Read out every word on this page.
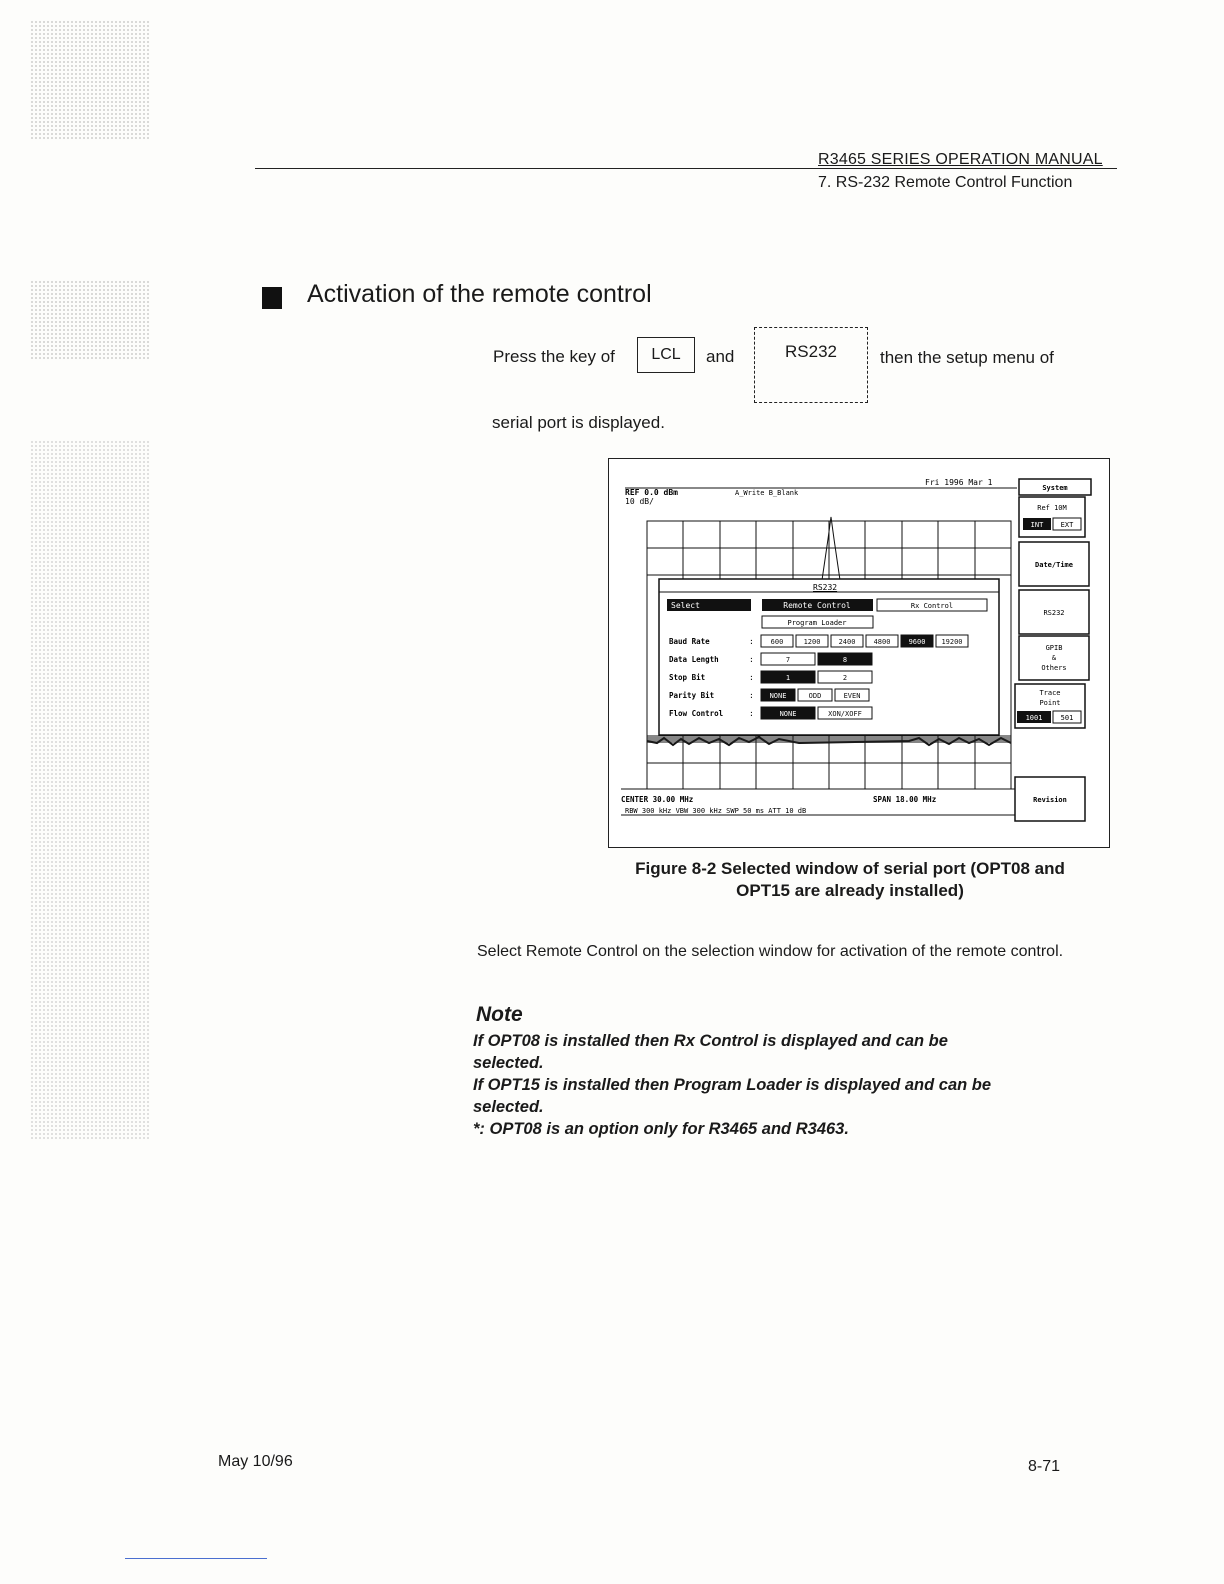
R3465 SERIES OPERATION MANUAL
7. RS-232 Remote Control Function
Activation of the remote control
Press the key of LCL and	RS232	then the setup menu of
serial port is displayed.
Fri 1996 Mar 1
REF 0.0 dBm
10 dB/
A_Write B_Blank
RS232
Select	Remote Control	Rx Control
Program Loader
Baud Rate	: 600	1200	2400	4800	9600 19200
Data Length	:	7	8
Stop Bit	:	1	2
Parity Bit	: NONE	ODD	EVEN
Flow Control	:	NONE	XON/XOFF
CENTER 30.00 MHz	SPAN 18.00 MHz
RBW 300 kHz VBW 300 kHz SWP 50 ms ATT 10 dB
System
Ref 10M
INT EXT
Date/Time
RS232
GPIB
&
Others
Trace
Point
1001	501
Revision
Figure 8-2 Selected window of serial port (OPT08 and
OPT15 are already installed)
Select Remote Control on the selection window for activation of the remote control.
Note
If OPT08 is installed then Rx Control is displayed and can be
selected.
If OPT15 is installed then Program Loader is displayed and can be
selected.
*: OPT08 is an option only for R3465 and R3463.
May 10/96	8-71
